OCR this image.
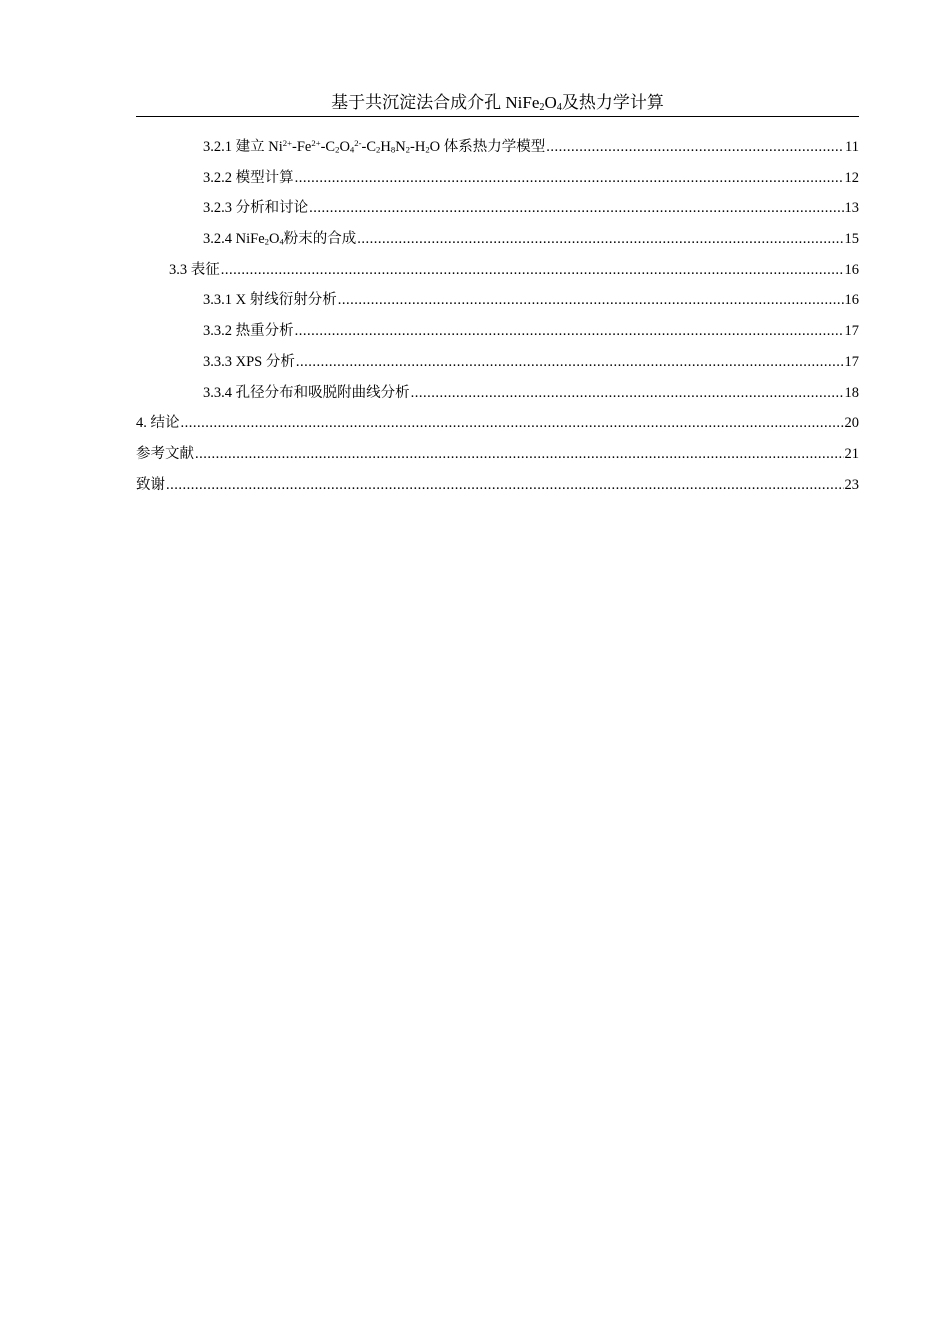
基于共沉淀法合成介孔 $NiFe_2O_4$及热力学计算
3.2.1 建立 $Ni^{2+}-Fe^{2+}-C_2O_4^{2-}-C_2H_8N_2-H_2O$ 体系热力学模型 .....	11
3.2.2 模型计算 .....	12
3.2.3 分析和讨论 .....	13
3.2.4 $NiFe_2O_4$粉末的合成 .....	15
3.3 表征 .....	16
3.3.1 X 射线衍射分析 .....	16
3.3.2 热重分析 .....	17
3.3.3 XPS 分析 .....	17
3.3.4 孔径分布和吸脱附曲线分析 .....	18
4. 结论 .....	20
参考文献 .....	21
致谢 .....	23
